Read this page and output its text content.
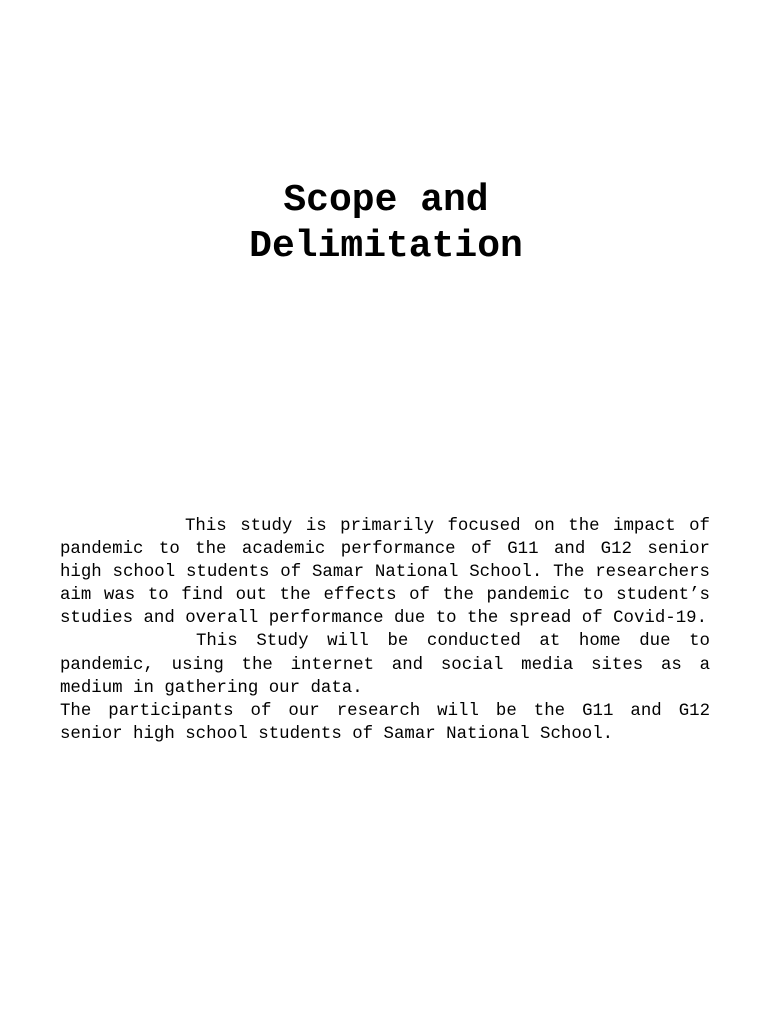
Scope and
Delimitation

This study is primarily focused on the impact of pandemic to the academic performance of G11 and G12 senior high school students of Samar National School. The researchers aim was to find out the effects of the pandemic to student’s studies and overall performance due to the spread of Covid-19.

This Study will be conducted at home due to pandemic, using the internet and social media sites as a medium in gathering our data.

The participants of our research will be the G11 and G12 senior high school students of Samar National School.
